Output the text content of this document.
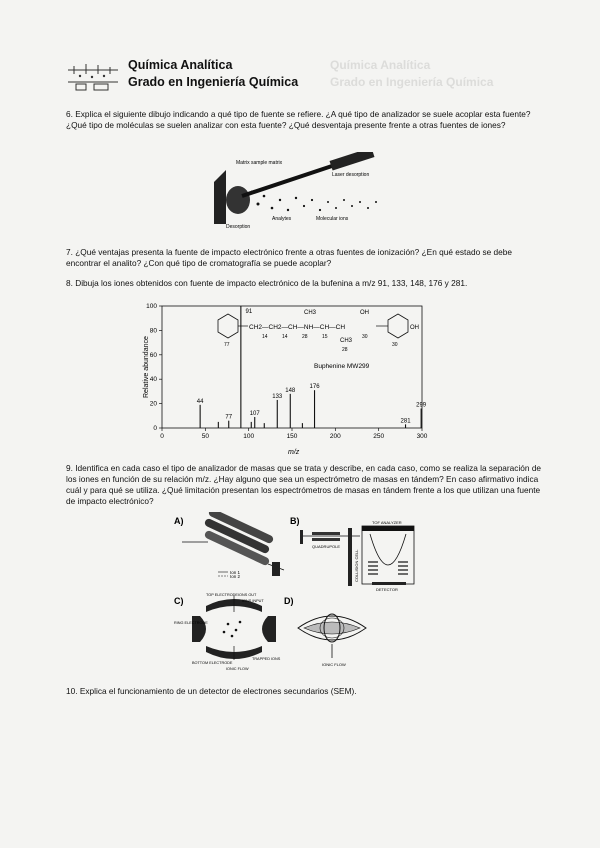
Química Analítica
Grado en Ingeniería Química
Química Analítica
Grado en Ingeniería Química
6. Explica el siguiente dibujo indicando a qué tipo de fuente se refiere. ¿A qué tipo de analizador se suele acoplar esta fuente? ¿Qué tipo de moléculas se suelen analizar con esta fuente? ¿Qué desventaja presente frente a otras fuentes de iones?
Matrix sample matrix
Laser desorption
Analytes	Molecular ions
Desorption
7. ¿Qué ventajas presenta la fuente de impacto electrónico frente a otras fuentes de ionización? ¿En qué estado se debe encontrar el analito? ¿Con qué tipo de cromatografía se puede acoplar?
8. Dibuja los iones obtenidos con fuente de impacto electrónico de la bufenina a m/z 91, 133, 148, 176 y 281.
0
20
40
60
80
100
0	50	100	150	200	250	300
44
77
91
107
133
148
176
281
299
CH2—CH2—CH—NH—CH—CH
CH3	OH
OH
77
14	14	28	15
CH3
30
30
28
Buphenine MW299
m/z
Relative abundance
9. Identifica en cada caso el tipo de analizador de masas que se trata y describe, en cada caso, como se realiza la separación de los iones en función de su relación m/z. ¿Hay alguno que sea un espectrómetro de masas en tándem? En caso afirmativo indica cuál y para qué se utiliza. ¿Qué limitación presentan los espectrómetros de masas en tándem frente a los que utilizan una fuente de impacto electrónico?
A)
Ion 1
Ion 2
B)	TOF ANALYZER
QUADRUPOLE
COLLISION CELL
DETECTOR
C)
TOP ELECTRODE
RING ELECTRODE
BOTTOM ELECTRODE
IONS OUT
TRAPPED IONS
IONIC FLOW
IONS INPUT D)
IONIC FLOW
10. Explica el funcionamiento de un detector de electrones secundarios (SEM).
